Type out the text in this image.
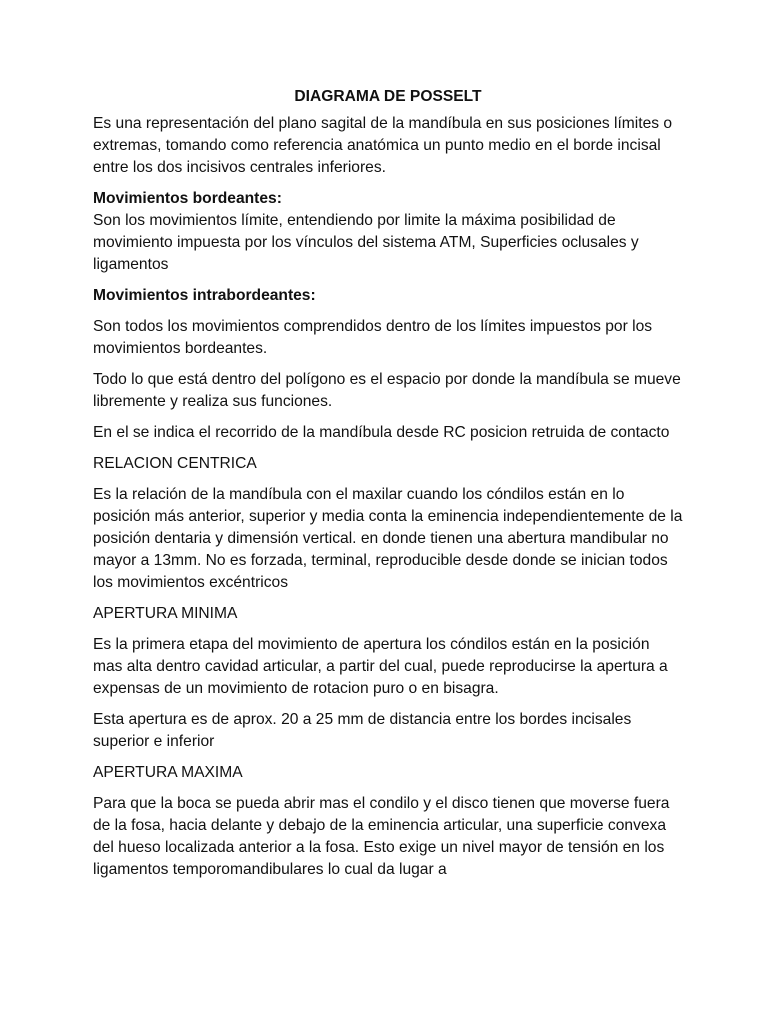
DIAGRAMA DE POSSELT

Es una representación del plano sagital de la mandíbula en sus posiciones límites o extremas, tomando como referencia anatómica un punto medio en el borde incisal entre los dos incisivos centrales inferiores.

Movimientos bordeantes:

Son los movimientos límite, entendiendo por limite la máxima posibilidad de movimiento impuesta por los vínculos del sistema ATM, Superficies oclusales y ligamentos

Movimientos intrabordeantes:

Son todos los movimientos comprendidos dentro de los límites impuestos por los movimientos bordeantes.

Todo lo que está dentro del polígono es el espacio por donde la mandíbula se mueve libremente y realiza sus funciones.

En el se indica el recorrido de la mandíbula desde RC posicion retruida de contacto

RELACION CENTRICA

Es la relación de la mandíbula con el maxilar cuando los cóndilos están en lo posición más anterior, superior y media conta la eminencia independientemente de la posición dentaria y dimensión vertical. en donde tienen una abertura mandibular no mayor a 13mm. No es forzada, terminal, reproducible desde donde se inician todos los movimientos excéntricos

APERTURA MINIMA

Es la primera etapa del movimiento de apertura los cóndilos están en la posición mas alta dentro cavidad articular, a partir del cual, puede reproducirse la apertura a expensas de un movimiento de rotacion puro o en bisagra.

Esta apertura es de aprox. 20 a 25 mm de distancia entre los bordes incisales superior e inferior

APERTURA MAXIMA

Para que la boca se pueda abrir mas el condilo y el disco tienen que moverse fuera de la fosa, hacia delante y debajo de la eminencia articular, una superficie convexa del hueso localizada anterior a la fosa. Esto exige un nivel mayor de tensión en los ligamentos temporomandibulares lo cual da lugar a
